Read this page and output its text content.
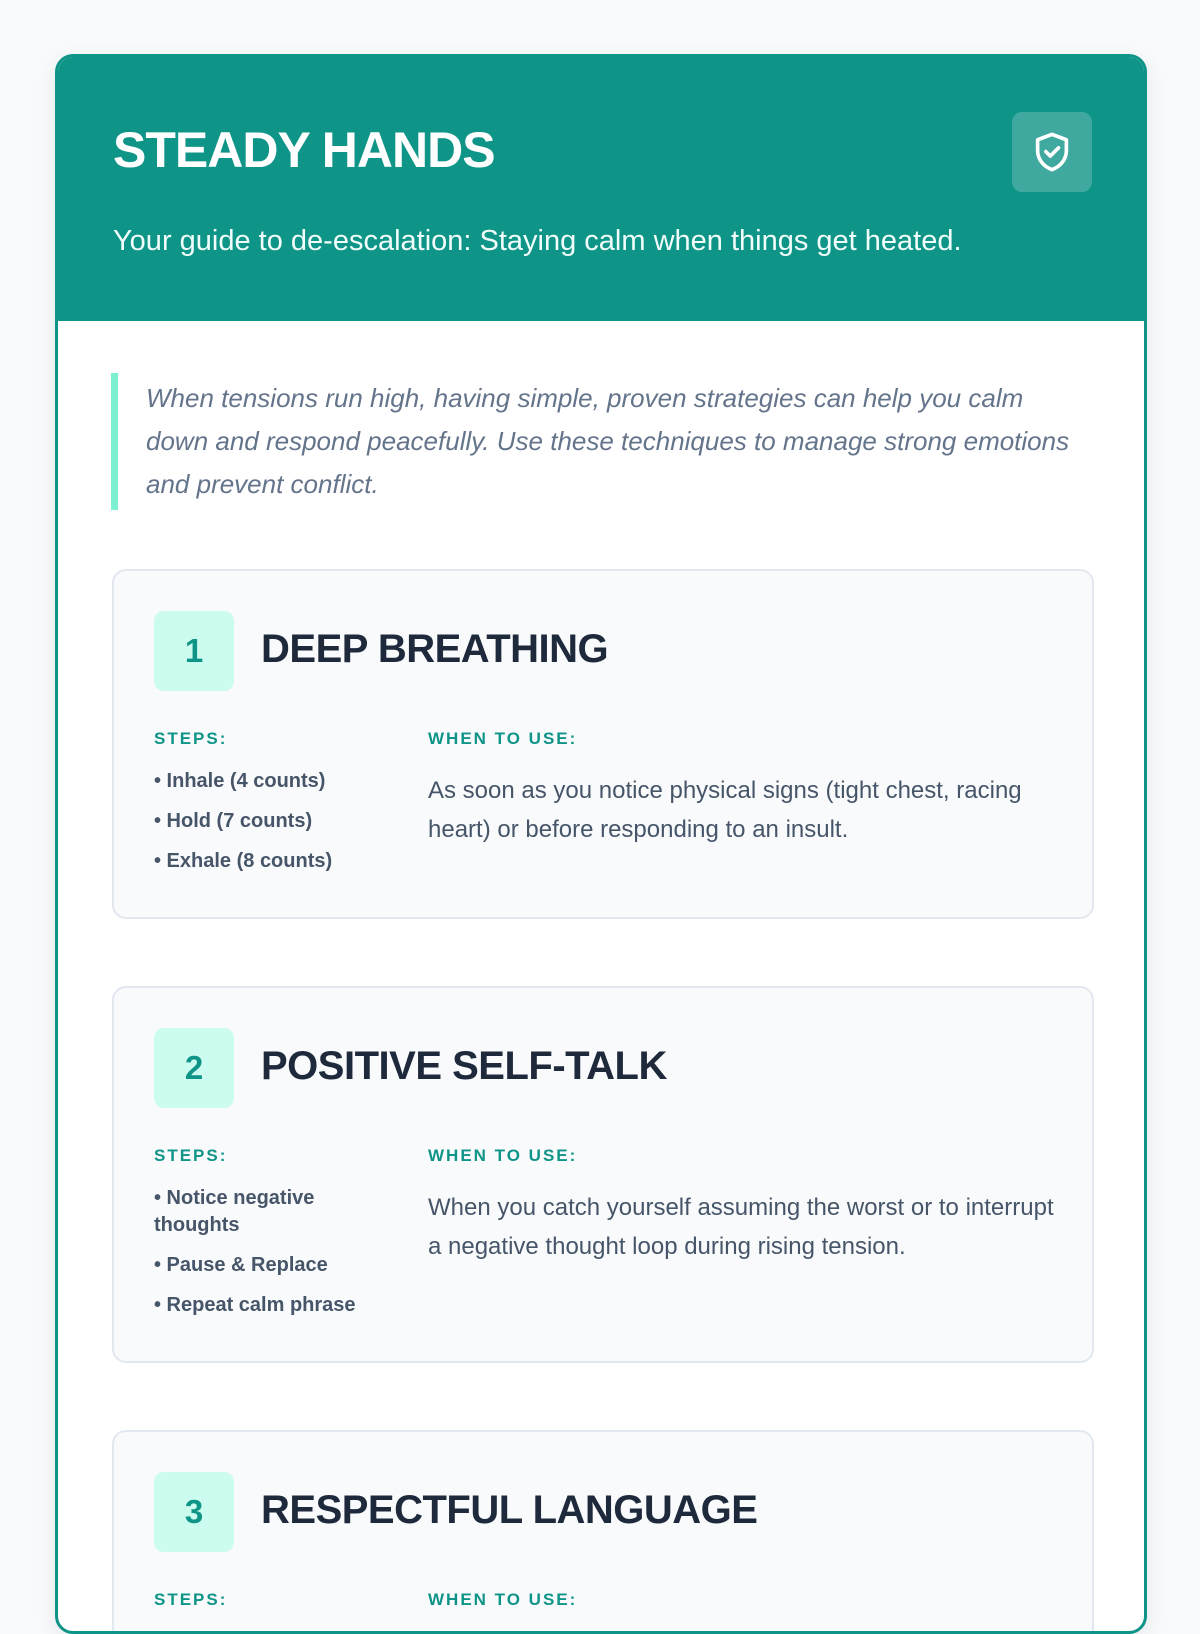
STEADY HANDS
Your guide to de-escalation: Staying calm when things get heated.
When tensions run high, having simple, proven strategies can help you calm down and respond peacefully. Use these techniques to manage strong emotions and prevent conflict.
1	DEEP BREATHING
STEPS:
• Inhale (4 counts)
• Hold (7 counts)
• Exhale (8 counts)
WHEN TO USE:
As soon as you notice physical signs (tight chest, racing heart) or before responding to an insult.
2	POSITIVE SELF-TALK
STEPS:
• Notice negative thoughts
• Pause & Replace
• Repeat calm phrase
WHEN TO USE:
When you catch yourself assuming the worst or to interrupt a negative thought loop during rising tension.
3	RESPECTFUL LANGUAGE
STEPS:	WHEN TO USE:
